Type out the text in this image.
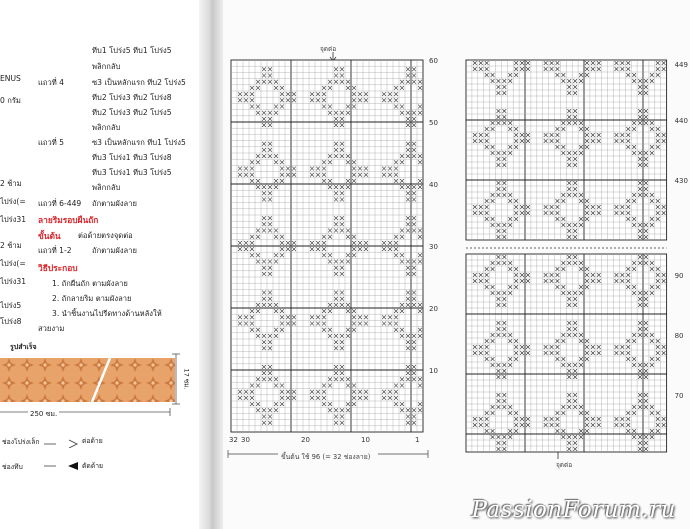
ENUS
0 กรัม
2 ช้าม
ไปร่ง(=
ไปร่ง31
2 ช้าม
ไปร่ง(=
ไปร่ง31
ไปร่ง5
โปร่ง8
ทีบ1 โปร่ง5 ทีบ1 โปร่ง5
พลิกกลับ
แถวที่ 4	ซ3 เป็นหลักแรก ทีบ2 โปร่ง5
ทีบ2 โปร่ง3 ทีบ2 โปร่ง8
ทีบ2 โปร่ง3 ทีบ2 โปร่ง5
พลิกกลับ
แถวที่ 5	ซ3 เป็นหลักแรก ทีบ1 โปร่ง5
ทีบ3 โปร่ง1 ทีบ3 โปร่ง8
ทีบ3 โปร่ง1 ทีบ3 โปร่ง5
พลิกกลับ
แถวที่ 6-449 ถักตามผังลาย
ลายริมรอบผืนถัก
ขั้นต้น ต่อด้ายตรงจุดต่อ
แถวที่ 1-2	ถักตามผังลาย
วิธีประกอบ
1. ถักผืนถัก ตามผังลาย
2. ถักลายริม ตามผังลาย
3. นำชิ้นงานไปรีดทางด้านหลังให้
สวยงาม
รูปสำเร็จ
17 ซม.
250 ซม.
ช่องโปร่งเล็ก	ต่อด้าย
ช่องทึบ	ตัดด้าย
จุดต่อ
จุดต่อ
ขึ้นต้น ใช้ 96 (= 32 ช่องลาย)
10
20
30
40
50
60
32 30	20	10	1
430
440
449
70
80
90
PassionForum.ru
